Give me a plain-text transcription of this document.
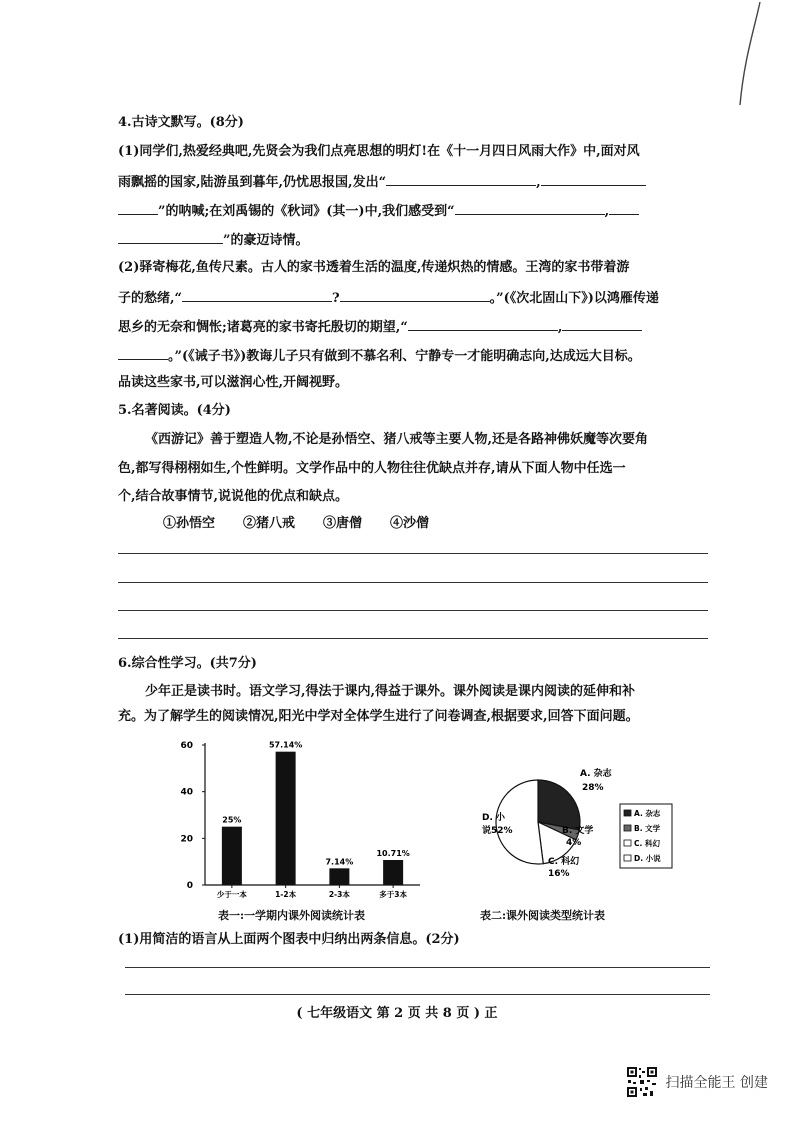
4.古诗文默写。(8分)
(1)同学们,热爱经典吧,先贤会为我们点亮思想的明灯!在《十一月四日风雨大作》中,面对风
雨飘摇的国家,陆游虽到暮年,仍忧思报国,发出“	,
”的呐喊;在刘禹锡的《秋词》(其一)中,我们感受到“	,
”的豪迈诗情。
(2)驿寄梅花,鱼传尺素。古人的家书透着生活的温度,传递炽热的情感。王湾的家书带着游
子的愁绪,“	?	。”(《次北固山下》)以鸿雁传递
思乡的无奈和惆怅;诸葛亮的家书寄托殷切的期望,“	,
。”(《诫子书》)教诲儿子只有做到不慕名利、宁静专一才能明确志向,达成远大目标。
品读这些家书,可以滋润心性,开阔视野。
5.名著阅读。(4分)
《西游记》善于塑造人物,不论是孙悟空、猪八戒等主要人物,还是各路神佛妖魔等次要角
色,都写得栩栩如生,个性鲜明。文学作品中的人物往往优缺点并存,请从下面人物中任选一
个,结合故事情节,说说他的优点和缺点。
①孙悟空 ②猪八戒 ③唐僧 ④沙僧
6.综合性学习。(共7分)
少年正是读书时。语文学习,得法于课内,得益于课外。课外阅读是课内阅读的延伸和补
充。为了解学生的阅读情况,阳光中学对全体学生进行了问卷调查,根据要求,回答下面问题。
0
20
40
60
25%
少于一本
57.14%
1-2本
7.14%
2-3本
10.71%
多于3本
表一:一学期内课外阅读统计表
A. 杂志
28%
B. 文学
4%
C. 科幻
16%
D. 小
说52%
A. 杂志
B. 文学
C. 科幻
D. 小说
表二:课外阅读类型统计表
(1)用简洁的语言从上面两个图表中归纳出两条信息。(2分)
( 七年级语文 第 2 页 共 8 页 ) 正
扫描全能王 创建
